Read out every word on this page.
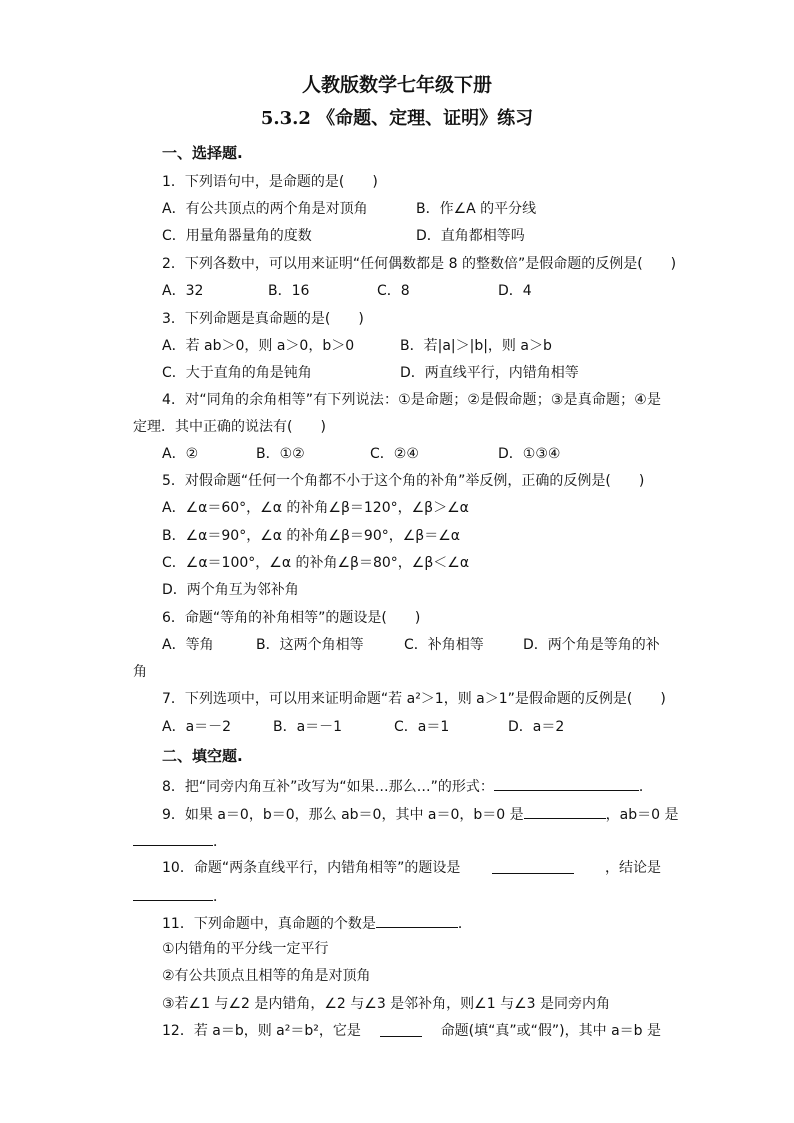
人教版数学七年级下册
5.3.2 《命题、定理、证明》练习
一、选择题.
1．下列语句中，是命题的是(　　)
A．有公共顶点的两个角是对顶角	B．作∠A 的平分线
C．用量角器量角的度数	D．直角都相等吗
2．下列各数中，可以用来证明“任何偶数都是 8 的整数倍”是假命题的反例是(　　)
A．32	B．16	C．8	D．4
3．下列命题是真命题的是(　　)
A．若 ab＞0，则 a＞0，b＞0	B．若|a|＞|b|，则 a＞b
C．大于直角的角是钝角	D．两直线平行，内错角相等
4．对“同角的余角相等”有下列说法：①是命题；②是假命题；③是真命题；④是
定理．其中正确的说法有(　　)
A．②	B．①②	C．②④	D．①③④
5．对假命题“任何一个角都不小于这个角的补角”举反例，正确的反例是(　　)
A．∠α＝60°，∠α 的补角∠β＝120°，∠β＞∠α
B．∠α＝90°，∠α 的补角∠β＝90°，∠β＝∠α
C．∠α＝100°，∠α 的补角∠β＝80°，∠β＜∠α
D．两个角互为邻补角
6．命题“等角的补角相等”的题设是(　　)
A．等角	B．这两个角相等	C．补角相等	D．两个角是等角的补
角
7．下列选项中，可以用来证明命题“若 a²＞1，则 a＞1”是假命题的反例是(　　)
A．a＝－2	B．a＝－1	C．a＝1	D．a＝2
二、填空题.
8．把“同旁内角互补”改写为“如果…那么…”的形式：	．
9．如果 a＝0，b＝0，那么 ab＝0，其中 a＝0，b＝0 是	，ab＝0 是
．
10．命题“两条直线平行，内错角相等”的题设是	，结论是
．
11．下列命题中，真命题的个数是	．
①内错角的平分线一定平行
②有公共顶点且相等的角是对顶角
③若∠1 与∠2 是内错角，∠2 与∠3 是邻补角，则∠1 与∠3 是同旁内角
12．若 a＝b，则 a²＝b²，它是	命题(填“真”或“假”)，其中 a＝b 是
